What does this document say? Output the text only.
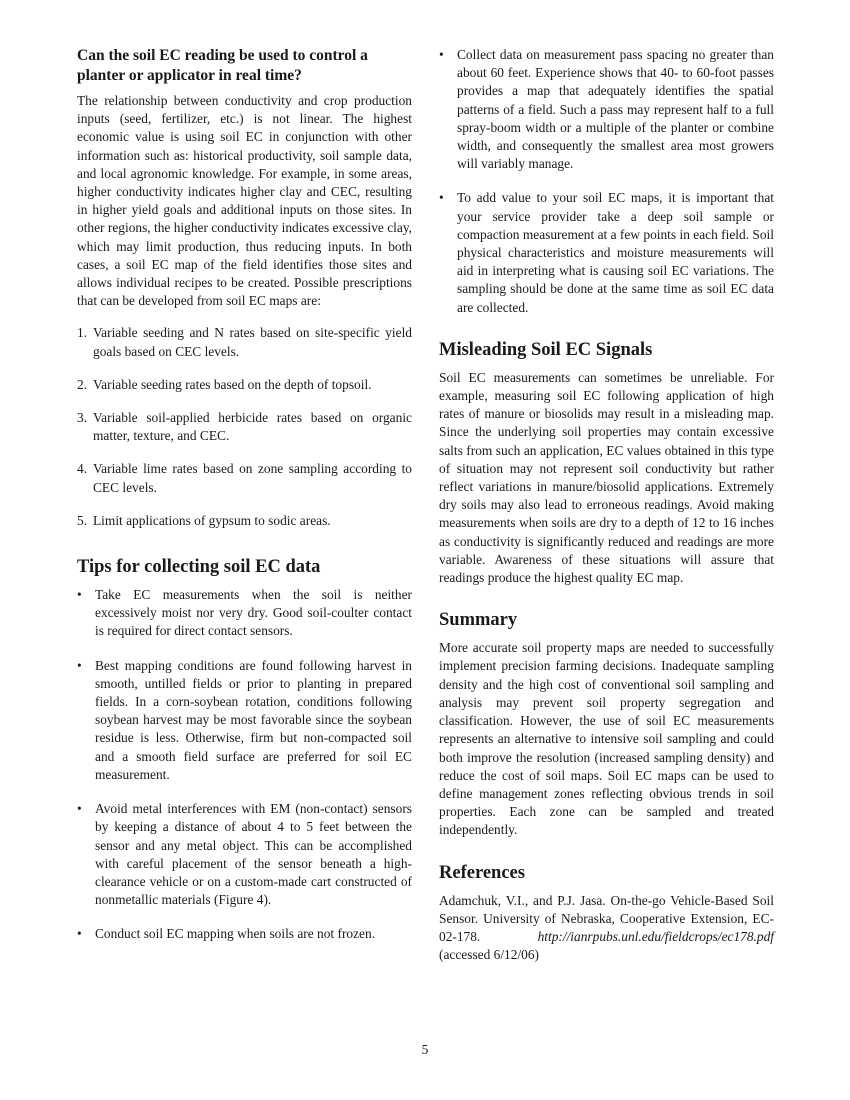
Can the soil EC reading be used to control a planter or applicator in real time?

The relationship between conductivity and crop production inputs (seed, fertilizer, etc.) is not linear. The highest economic value is using soil EC in conjunction with other information such as: historical productivity, soil sample data, and local agronomic knowledge. For example, in some areas, higher conductivity indicates higher clay and CEC, resulting in higher yield goals and additional inputs on those sites. In other regions, the higher conductivity indicates excessive clay, which may limit production, thus reducing inputs. In both cases, a soil EC map of the field identifies those sites and allows individual recipes to be created. Possible prescriptions that can be developed from soil EC maps are:

1. Variable seeding and N rates based on site-specific yield goals based on CEC levels.
2. Variable seeding rates based on the depth of topsoil.
3. Variable soil-applied herbicide rates based on organic matter, texture, and CEC.
4. Variable lime rates based on zone sampling according to CEC levels.
5. Limit applications of gypsum to sodic areas.
Tips for collecting soil EC data
• Take EC measurements when the soil is neither excessively moist nor very dry. Good soil-coulter contact is required for direct contact sensors.
• Best mapping conditions are found following harvest in smooth, untilled fields or prior to planting in prepared fields. In a corn-soybean rotation, conditions following soybean harvest may be most favorable since the soybean residue is less. Otherwise, firm but non-compacted soil and a smooth field surface are preferred for soil EC measurement.
• Avoid metal interferences with EM (non-contact) sensors by keeping a distance of about 4 to 5 feet between the sensor and any metal object. This can be accomplished with careful placement of the sensor beneath a high-clearance vehicle or on a custom-made cart constructed of nonmetallic materials (Figure 4).
• Conduct soil EC mapping when soils are not frozen.
• Collect data on measurement pass spacing no greater than about 60 feet. Experience shows that 40- to 60-foot passes provides a map that adequately identifies the spatial patterns of a field. Such a pass may represent half to a full spray-boom width or a multiple of the planter or combine width, and consequently the smallest area most growers will variably manage.
• To add value to your soil EC maps, it is important that your service provider take a deep soil sample or compaction measurement at a few points in each field. Soil physical characteristics and moisture measurements will aid in interpreting what is causing soil EC variations. The sampling should be done at the same time as soil EC data are collected.
Misleading Soil EC Signals

Soil EC measurements can sometimes be unreliable. For example, measuring soil EC following application of high rates of manure or biosolids may result in a misleading map. Since the underlying soil properties may contain excessive salts from such an application, EC values obtained in this type of situation may not represent soil conductivity but rather reflect variations in manure/biosolid applications. Extremely dry soils may also lead to erroneous readings. Avoid making measurements when soils are dry to a depth of 12 to 16 inches as conductivity is significantly reduced and readings are more variable. Awareness of these situations will assure that readings produce the highest quality EC map.

Summary

More accurate soil property maps are needed to successfully implement precision farming decisions. Inadequate sampling density and the high cost of conventional soil sampling and analysis may prevent soil property segregation and classification. However, the use of soil EC measurements represents an alternative to intensive soil sampling and could both improve the resolution (increased sampling density) and reduce the cost of soil maps. Soil EC maps can be used to define management zones reflecting obvious trends in soil properties. Each zone can be sampled and treated independently.

References

Adamchuk, V.I., and P.J. Jasa. On-the-go Vehicle-Based Soil Sensor. University of Nebraska, Cooperative Extension, EC-02-178.	http://ianrpubs.unl.edu/fieldcrops/ec178.pdf (accessed 6/12/06)

5
